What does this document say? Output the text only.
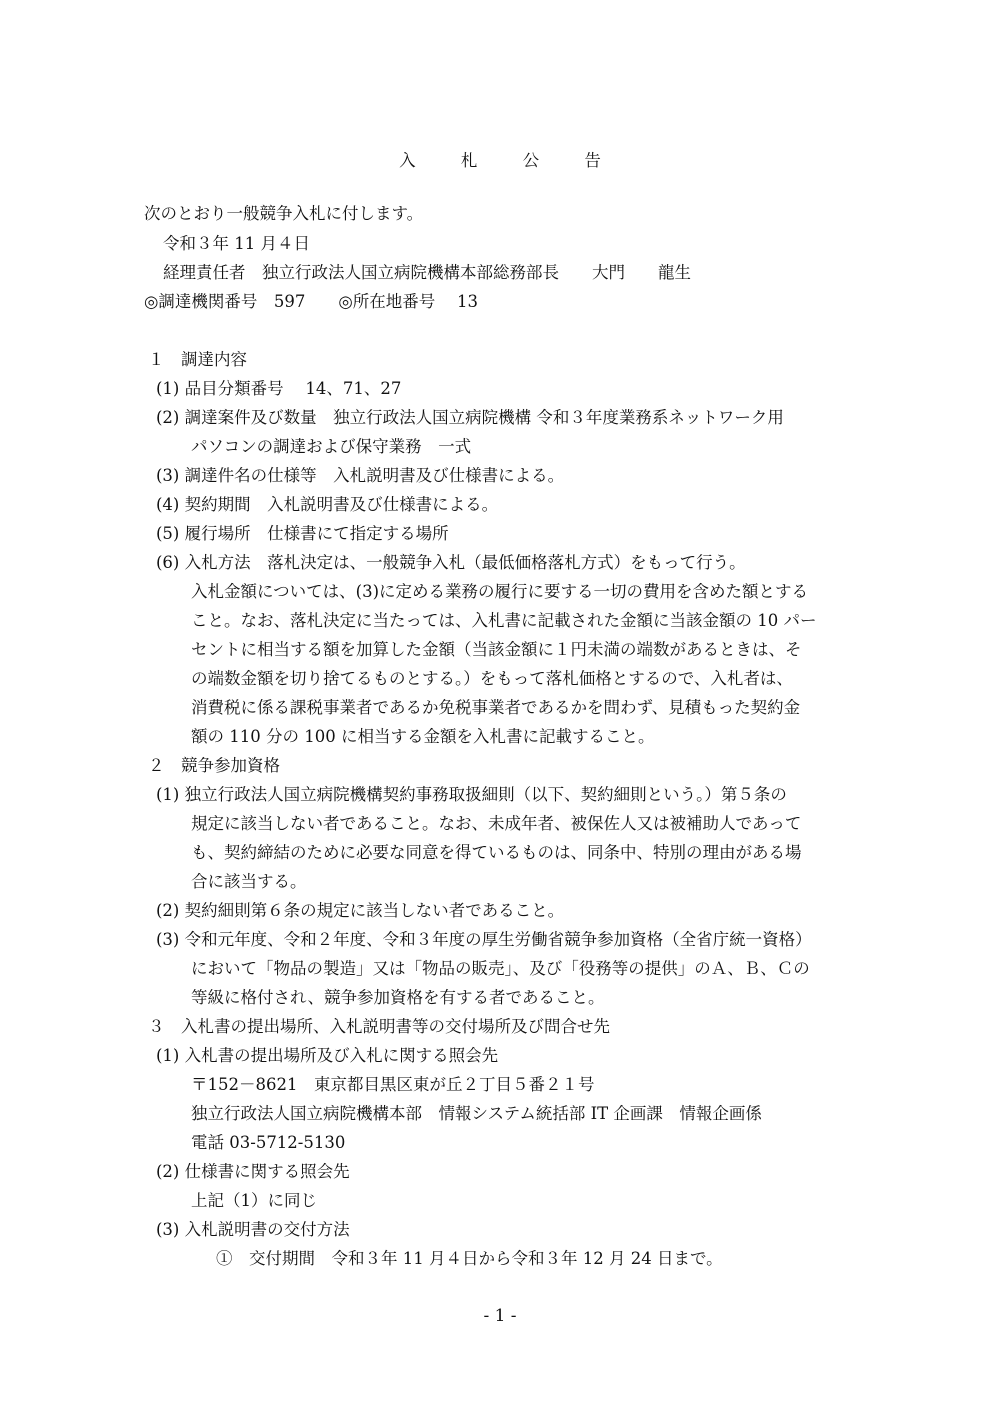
入 札 公 告
次のとおり一般競争入札に付します。
令和３年 11 月４日
経理責任者　独立行政法人国立病院機構本部総務部長　　大門　　龍生
◎調達機関番号　597　　◎所在地番号　 13
１　調達内容
(1) 品目分類番号　 14、71、27
(2) 調達案件及び数量　独立行政法人国立病院機構 令和３年度業務系ネットワーク用
パソコンの調達および保守業務　一式
(3) 調達件名の仕様等　入札説明書及び仕様書による。
(4) 契約期間　入札説明書及び仕様書による。
(5) 履行場所　仕様書にて指定する場所
(6) 入札方法　落札決定は、一般競争入札（最低価格落札方式）をもって行う。
入札金額については、(3)に定める業務の履行に要する一切の費用を含めた額とする
こと。なお、落札決定に当たっては、入札書に記載された金額に当該金額の 10 パー
セントに相当する額を加算した金額（当該金額に１円未満の端数があるときは、そ
の端数金額を切り捨てるものとする。）をもって落札価格とするので、入札者は、
消費税に係る課税事業者であるか免税事業者であるかを問わず、見積もった契約金
額の 110 分の 100 に相当する金額を入札書に記載すること。
２　競争参加資格
(1) 独立行政法人国立病院機構契約事務取扱細則（以下、契約細則という。）第５条の
規定に該当しない者であること。なお、未成年者、被保佐人又は被補助人であって
も、契約締結のために必要な同意を得ているものは、同条中、特別の理由がある場
合に該当する。
(2) 契約細則第６条の規定に該当しない者であること。
(3) 令和元年度、令和２年度、令和３年度の厚生労働省競争参加資格（全省庁統一資格）
において「物品の製造」又は「物品の販売」、及び「役務等の提供」のＡ、Ｂ、Ｃの
等級に格付され、競争参加資格を有する者であること。
３　入札書の提出場所、入札説明書等の交付場所及び問合せ先
(1) 入札書の提出場所及び入札に関する照会先
〒152－8621　東京都目黒区東が丘２丁目５番２１号
独立行政法人国立病院機構本部　情報システム統括部 IT 企画課　情報企画係
電話 03-5712-5130
(2) 仕様書に関する照会先
上記（1）に同じ
(3) 入札説明書の交付方法
①　交付期間　令和３年 11 月４日から令和３年 12 月 24 日まで。
- 1 -
